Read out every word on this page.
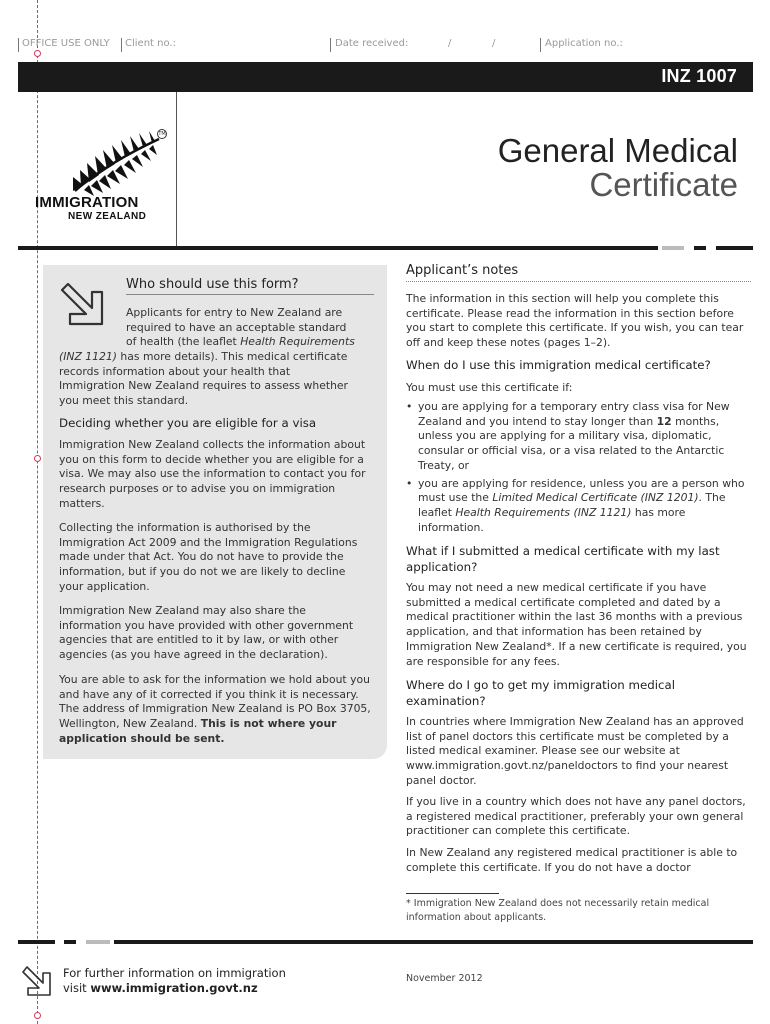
OFFICE USE ONLY Client no.:	Date received:	/	/	Application no.:
INZ 1007
TM
IMMIGRATION
NEW ZEALAND
General Medical
Certificate
Who should use this form?
Applicants for entry to New Zealand are
required to have an acceptable standard
of health (the leaflet Health Requirements
(INZ 1121) has more details). This medical certificate
records information about your health that
Immigration New Zealand requires to assess whether
you meet this standard.
Deciding whether you are eligible for a visa
Immigration New Zealand collects the information about you on this form to decide whether you are eligible for a visa. We may also use the information to contact you for research purposes or to advise you on immigration matters.
Collecting the information is authorised by the Immigration Act 2009 and the Immigration Regulations made under that Act. You do not have to provide the information, but if you do not we are likely to decline your application.
Immigration New Zealand may also share the information you have provided with other government agencies that are entitled to it by law, or with other agencies (as you have agreed in the declaration).
You are able to ask for the information we hold about you and have any of it corrected if you think it is necessary. The address of Immigration New Zealand is PO Box 3705, Wellington, New Zealand. This is not where your application should be sent.
Applicant’s notes
The information in this section will help you complete this certificate. Please read the information in this section before you start to complete this certificate. If you wish, you can tear off and keep these notes (pages 1–2).
When do I use this immigration medical certificate?
You must use this certificate if:
• you are applying for a temporary entry class visa for New Zealand and you intend to stay longer than 12 months, unless you are applying for a military visa, diplomatic, consular or official visa, or a visa related to the Antarctic Treaty, or
• you are applying for residence, unless you are a person who must use the Limited Medical Certificate (INZ 1201). The leaflet Health Requirements (INZ 1121) has more information.
What if I submitted a medical certificate with my last application?
You may not need a new medical certificate if you have submitted a medical certificate completed and dated by a medical practitioner within the last 36 months with a previous application, and that information has been retained by Immigration New Zealand*. If a new certificate is required, you are responsible for any fees.
Where do I go to get my immigration medical examination?
In countries where Immigration New Zealand has an approved list of panel doctors this certificate must be completed by a listed medical examiner. Please see our website at www.immigration.govt.nz/paneldoctors to find your nearest panel doctor.
If you live in a country which does not have any panel doctors, a registered medical practitioner, preferably your own general practitioner can complete this certificate.
In New Zealand any registered medical practitioner is able to complete this certificate. If you do not have a doctor
* Immigration New Zealand does not necessarily retain medical information about applicants.
For further information on immigration
visit www.immigration.govt.nz
November 2012
